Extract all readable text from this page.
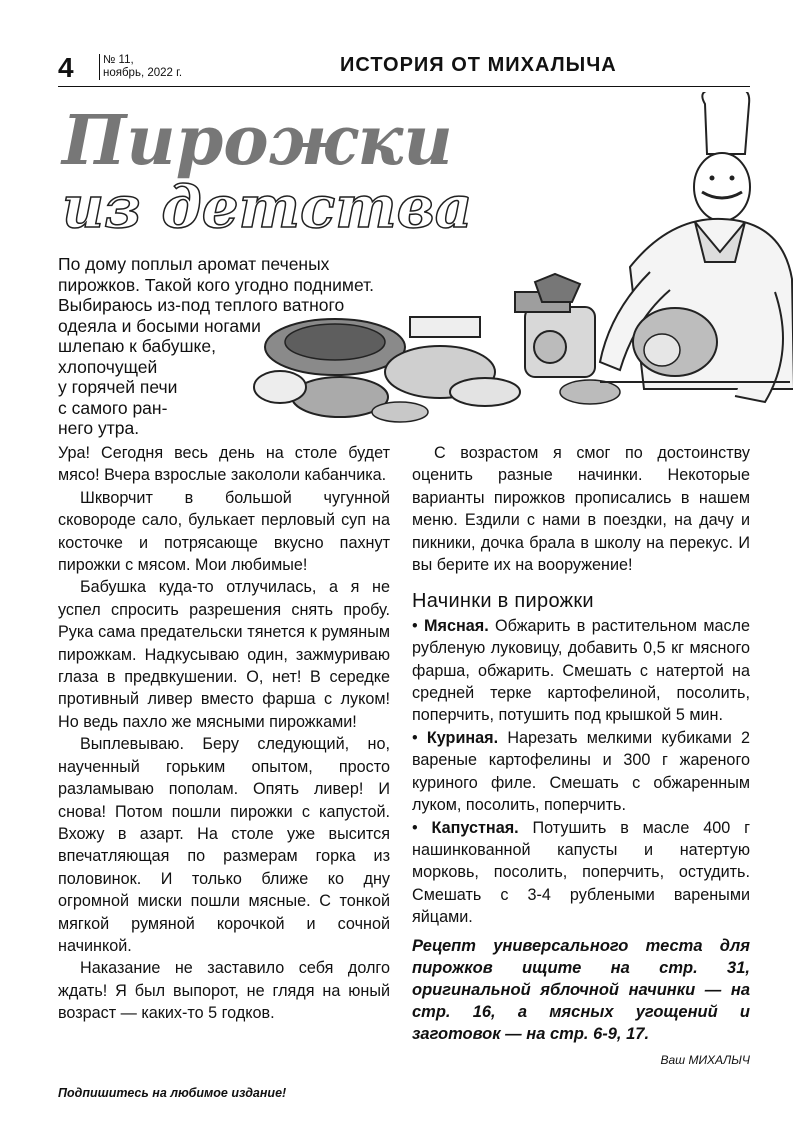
4	№ 11,
ноябрь, 2022 г.	ИСТОРИЯ ОТ МИХАЛЫЧА
Пирожки
из детства
По дому поплыл аромат печеных
пирожков. Такой кого угодно поднимет.
Выбираюсь из-под теплого ватного
одеяла и босыми ногами
шлепаю к бабушке,
хлопочущей
у горячей печи
с самого ран-
него утра.

Ура! Сегодня весь день на столе будет мясо! Вчера взрослые закололи кабанчика.

Шкворчит в большой чугунной сковороде сало, булькает перловый суп на косточке и потрясающе вкусно пахнут пирожки с мясом. Мои любимые!

Бабушка куда-то отлучилась, а я не успел спросить разрешения снять пробу. Рука сама предательски тянется к румяным пирожкам. Надкусываю один, зажмуриваю глаза в предвкушении. О, нет! В середке противный ливер вместо фарша с луком! Но ведь пахло же мясными пирожками!

Выплевываю. Беру следующий, но, наученный горьким опытом, просто разламываю пополам. Опять ливер! И снова! Потом пошли пирожки с капустой. Вхожу в азарт. На столе уже высится впечатляющая по размерам горка из половинок. И только ближе ко дну огромной миски пошли мясные. С тонкой мягкой румяной корочкой и сочной начинкой.

Наказание не заставило себя долго ждать! Я был выпорот, не глядя на юный возраст — каких-то 5 годков.

Подпишитесь на любимое издание!

С возрастом я смог по достоинству оценить разные начинки. Некоторые варианты пирожков прописались в нашем меню. Ездили с нами в поездки, на дачу и пикники, дочка брала в школу на перекус. И вы берите их на вооружение!

Начинки в пирожки

• Мясная. Обжарить в растительном масле рубленую луковицу, добавить 0,5 кг мясного фарша, обжарить. Смешать с натертой на средней терке картофелиной, посолить, поперчить, потушить под крышкой 5 мин.

• Куриная. Нарезать мелкими кубиками 2 вареные картофелины и 300 г жареного куриного филе. Смешать с обжаренным луком, посолить, поперчить.

• Капустная. Потушить в масле 400 г нашинкованной капусты и натертую морковь, посолить, поперчить, остудить. Смешать с 3-4 рублеными вареными яйцами.

Рецепт универсального теста для пирожков ищите на стр. 31, оригинальной яблочной начинки — на стр. 16, а мясных угощений и заготовок — на стр. 6-9, 17.

Ваш МИХАЛЫЧ
